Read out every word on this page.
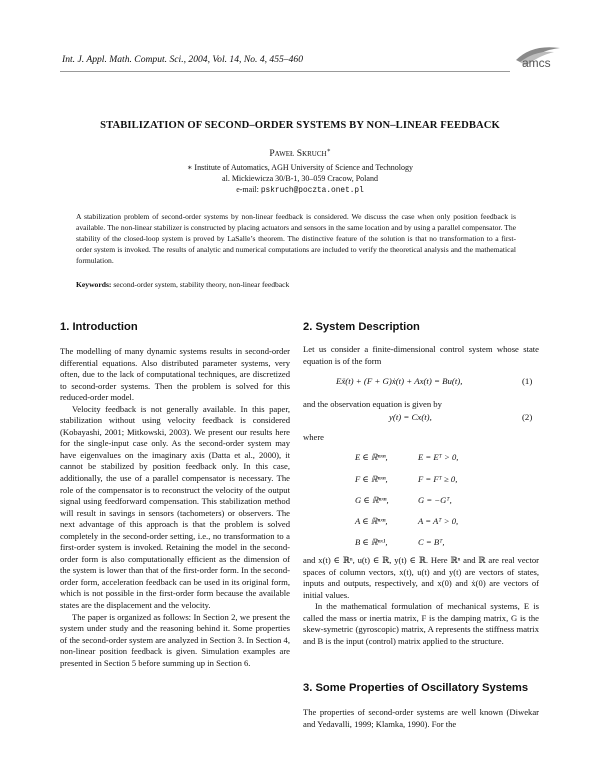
Int. J. Appl. Math. Comput. Sci., 2004, Vol. 14, No. 4, 455–460	amcs
STABILIZATION OF SECOND–ORDER SYSTEMS BY NON–LINEAR FEEDBACK
Paweł Skruch∗
∗ Institute of Automatics, AGH University of Science and Technology
al. Mickiewicza 30/B-1, 30–059 Cracow, Poland
e-mail: pskruch@poczta.onet.pl
A stabilization problem of second-order systems by non-linear feedback is considered. We discuss the case when only position feedback is available. The non-linear stabilizer is constructed by placing actuators and sensors in the same location and by using a parallel compensator. The stability of the closed-loop system is proved by LaSalle’s theorem. The distinctive feature of the solution is that no transformation to a first-order system is invoked. The results of analytic and numerical computations are included to verify the theoretical analysis and the mathematical formulation.
Keywords: second-order system, stability theory, non-linear feedback
1. Introduction

The modelling of many dynamic systems results in second-order differential equations. Also distributed parameter systems, very often, due to the lack of computational techniques, are discretized to second-order systems. Then the problem is solved for this reduced-order model.

Velocity feedback is not generally available. In this paper, stabilization without using velocity feedback is considered (Kobayashi, 2001; Mitkowski, 2003). We present our results here for the single-input case only. As the second-order system may have eigenvalues on the imaginary axis (Datta et al., 2000), it cannot be stabilized by position feedback only. In this case, additionally, the use of a parallel compensator is necessary. The role of the compensator is to reconstruct the velocity of the output signal using feedforward compensation. This stabilization method will result in savings in sensors (tachometers) or observers. The next advantage of this approach is that the problem is solved completely in the second-order setting, i.e., no transformation to a first-order system is invoked. Retaining the model in the second-order form is also computationally efficient as the dimension of the system is lower than that of the first-order form. In the second-order form, acceleration feedback can be used in its original form, which is not possible in the first-order form because the available states are the displacement and the velocity.

The paper is organized as follows: In Section 2, we present the system under study and the reasoning behind it. Some properties of the second-order system are analyzed in Section 3. In Section 4, non-linear position feedback is given. Simulation examples are presented in Section 5 before summing up in Section 6.

2. System Description
Let us consider a finite-dimensional control system whose state equation is of the form
Eẍ(t) + (F + G)ẋ(t) + Ax(t) = Bu(t),	(1)
and the observation equation is given by
y(t) = Cx(t),	(2)
where
E ∈ ℝⁿˣⁿ,	E = Eᵀ > 0,
F ∈ ℝⁿˣⁿ,	F = Fᵀ ≥ 0,
G ∈ ℝⁿˣⁿ,	G = −Gᵀ,
A ∈ ℝⁿˣⁿ,	A = Aᵀ > 0,
B ∈ ℝⁿˣ¹,	C = Bᵀ,

and x(t) ∈ ℝⁿ, u(t) ∈ ℝ, y(t) ∈ ℝ. Here ℝⁿ and ℝ are real vector spaces of column vectors, x(t), u(t) and y(t) are vectors of states, inputs and outputs, respectively, and x(0) and ẋ(0) are vectors of initial values.

In the mathematical formulation of mechanical systems, E is called the mass or inertia matrix, F is the damping matrix, G is the skew-symetric (gyroscopic) matrix, A represents the stiffness matrix and B is the input (control) matrix applied to the structure.

3. Some Properties of Oscillatory Systems
The properties of second-order systems are well known (Diwekar and Yedavalli, 1999; Klamka, 1990). For the
